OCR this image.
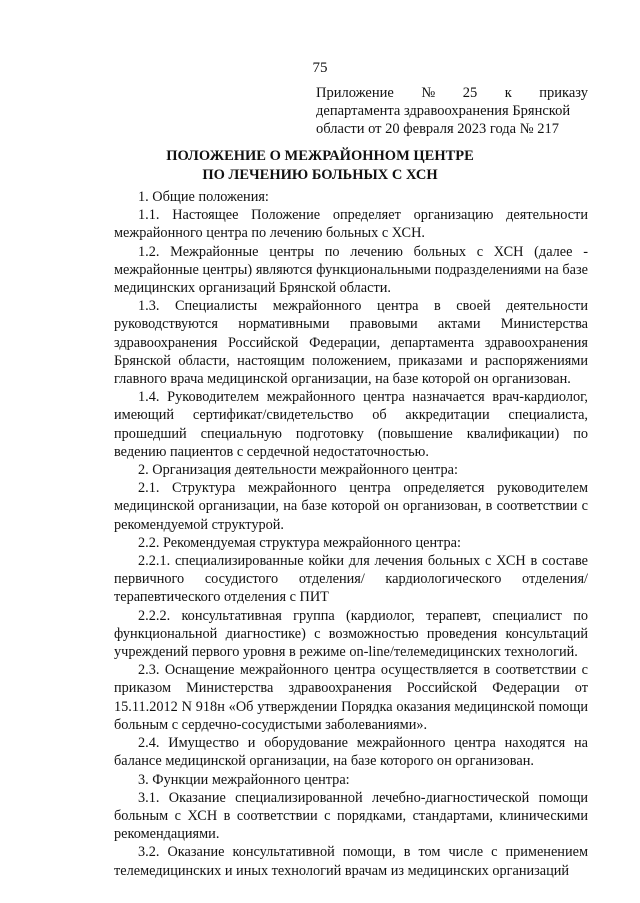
75
Приложение № 25 к приказу
департамента здравоохранения Брянской
области от 20 февраля 2023 года № 217
ПОЛОЖЕНИЕ О МЕЖРАЙОННОМ ЦЕНТРЕ
ПО ЛЕЧЕНИЮ БОЛЬНЫХ С ХСН

1. Общие положения:

1.1. Настоящее Положение определяет организацию деятельности межрайонного центра по лечению больных с ХСН.

1.2. Межрайонные центры по лечению больных с ХСН (далее - межрайонные центры) являются функциональными подразделениями на базе медицинских организаций Брянской области.

1.3. Специалисты межрайонного центра в своей деятельности руководствуются нормативными правовыми актами Министерства здравоохранения Российской Федерации, департамента здравоохранения Брянской области, настоящим положением, приказами и распоряжениями главного врача медицинской организации, на базе которой он организован.

1.4. Руководителем межрайонного центра назначается врач-кардиолог, имеющий сертификат/свидетельство об аккредитации специалиста, прошедший специальную подготовку (повышение квалификации) по ведению пациентов с сердечной недостаточностью.

2. Организация деятельности межрайонного центра:

2.1. Структура межрайонного центра определяется руководителем медицинской организации, на базе которой он организован, в соответствии с рекомендуемой структурой.

2.2. Рекомендуемая структура межрайонного центра:

2.2.1. специализированные койки для лечения больных с ХСН в составе первичного сосудистого отделения/ кардиологического отделения/ терапевтического отделения с ПИТ

2.2.2. консультативная группа (кардиолог, терапевт, специалист по функциональной диагностике) с возможностью проведения консультаций учреждений первого уровня в режиме on-line/телемедицинских технологий.

2.3. Оснащение межрайонного центра осуществляется в соответствии с приказом Министерства здравоохранения Российской Федерации от 15.11.2012 N 918н «Об утверждении Порядка оказания медицинской помощи больным с сердечно-сосудистыми заболеваниями».

2.4. Имущество и оборудование межрайонного центра находятся на балансе медицинской организации, на базе которого он организован.

3. Функции межрайонного центра:

3.1. Оказание специализированной лечебно-диагностической помощи больным с ХСН в соответствии с порядками, стандартами, клиническими рекомендациями.

3.2. Оказание консультативной помощи, в том числе с применением телемедицинских и иных технологий врачам из медицинских организаций
